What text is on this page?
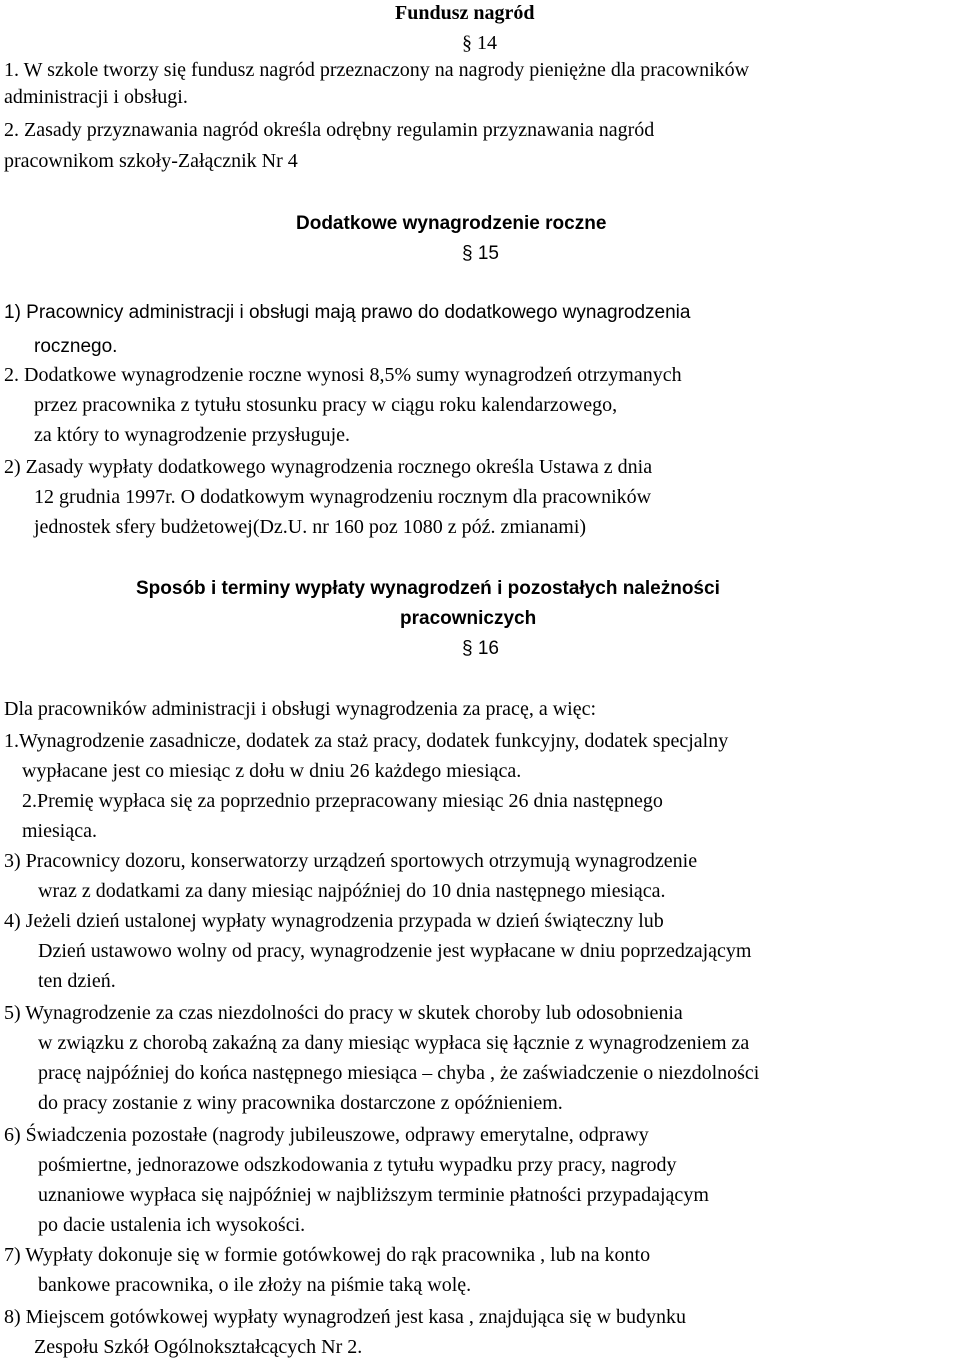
Fundusz nagród
§ 14
1. W szkole tworzy się fundusz nagród przeznaczony na nagrody pieniężne dla pracowników
administracji i obsługi.
2. Zasady przyznawania nagród określa odrębny regulamin przyznawania nagród
pracownikom szkoły-Załącznik Nr 4
Dodatkowe wynagrodzenie roczne
§ 15
1) Pracownicy administracji i obsługi mają prawo do dodatkowego wynagrodzenia
rocznego.
2. Dodatkowe wynagrodzenie roczne wynosi 8,5% sumy wynagrodzeń otrzymanych
przez pracownika z tytułu stosunku pracy w ciągu roku kalendarzowego,
za który to wynagrodzenie przysługuje.
2) Zasady wypłaty dodatkowego wynagrodzenia rocznego określa Ustawa z dnia
12 grudnia 1997r. O dodatkowym wynagrodzeniu rocznym dla pracowników
jednostek sfery budżetowej(Dz.U. nr 160 poz 1080 z póź. zmianami)
Sposób i terminy wypłaty wynagrodzeń i pozostałych należności
pracowniczych
§ 16
Dla pracowników administracji i obsługi wynagrodzenia za pracę, a więc:
1.Wynagrodzenie zasadnicze, dodatek za staż pracy, dodatek funkcyjny, dodatek specjalny
wypłacane jest co miesiąc z dołu w dniu 26 każdego miesiąca.
2.Premię wypłaca się za poprzednio przepracowany miesiąc 26 dnia następnego
miesiąca.
3) Pracownicy dozoru, konserwatorzy urządzeń sportowych otrzymują wynagrodzenie
wraz z dodatkami za dany miesiąc najpóźniej do 10 dnia następnego miesiąca.
4) Jeżeli dzień ustalonej wypłaty wynagrodzenia przypada w dzień świąteczny lub
Dzień ustawowo wolny od pracy, wynagrodzenie jest wypłacane w dniu poprzedzającym
ten dzień.
5) Wynagrodzenie za czas niezdolności do pracy w skutek choroby lub odosobnienia
w związku z chorobą zakaźną za dany miesiąc wypłaca się łącznie z wynagrodzeniem za
pracę najpóźniej do końca następnego miesiąca – chyba , że zaświadczenie o niezdolności
do pracy zostanie z winy pracownika dostarczone z opóźnieniem.
6) Świadczenia pozostałe (nagrody jubileuszowe, odprawy emerytalne, odprawy
pośmiertne, jednorazowe odszkodowania z tytułu wypadku przy pracy, nagrody
uznaniowe wypłaca się najpóźniej w najbliższym terminie płatności przypadającym
po dacie ustalenia ich wysokości.
7) Wypłaty dokonuje się w formie gotówkowej do rąk pracownika , lub na konto
bankowe pracownika, o ile złoży na piśmie taką wolę.
8) Miejscem gotówkowej wypłaty wynagrodzeń jest kasa , znajdująca się w budynku
Zespołu Szkół Ogólnokształcących Nr 2.
